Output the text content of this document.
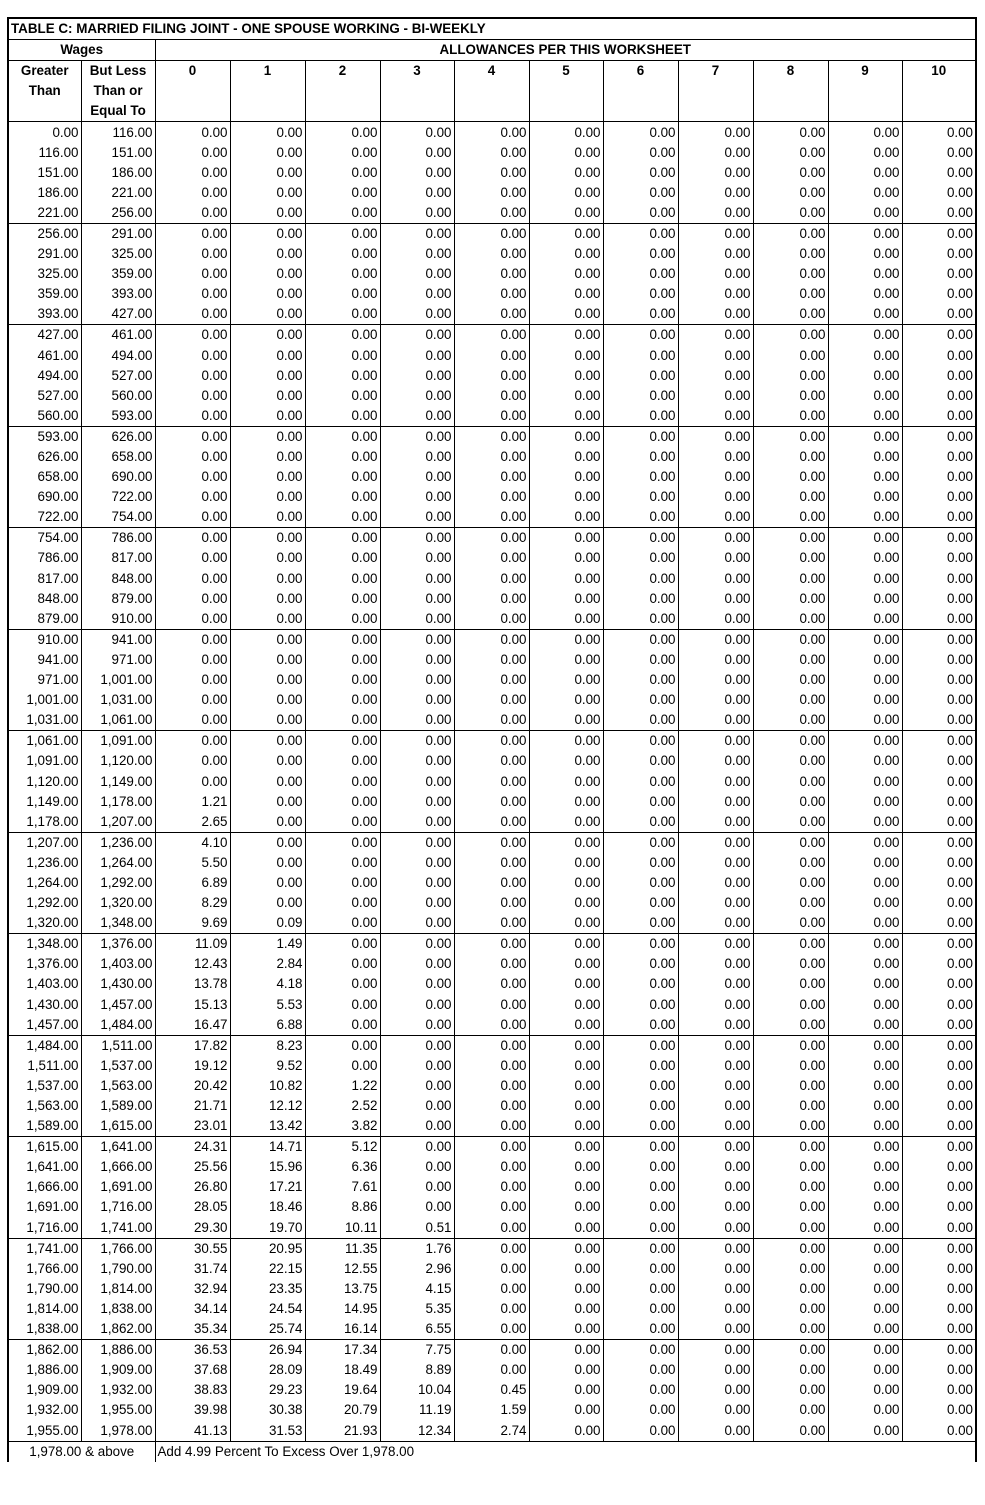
TABLE C: MARRIED FILING JOINT - ONE SPOUSE WORKING - BI-WEEKLY												
Wages		ALLOWANCES PER THIS WORKSHEET										
Greater	But Less	0	1	2	3	4	5	6	7	8	9	10
Than	Than or											
	Equal To											
0.00	116.00	0.00	0.00	0.00	0.00	0.00	0.00	0.00	0.00	0.00	0.00	0.00
116.00	151.00	0.00	0.00	0.00	0.00	0.00	0.00	0.00	0.00	0.00	0.00	0.00
151.00	186.00	0.00	0.00	0.00	0.00	0.00	0.00	0.00	0.00	0.00	0.00	0.00
186.00	221.00	0.00	0.00	0.00	0.00	0.00	0.00	0.00	0.00	0.00	0.00	0.00
221.00	256.00	0.00	0.00	0.00	0.00	0.00	0.00	0.00	0.00	0.00	0.00	0.00
256.00	291.00	0.00	0.00	0.00	0.00	0.00	0.00	0.00	0.00	0.00	0.00	0.00
291.00	325.00	0.00	0.00	0.00	0.00	0.00	0.00	0.00	0.00	0.00	0.00	0.00
325.00	359.00	0.00	0.00	0.00	0.00	0.00	0.00	0.00	0.00	0.00	0.00	0.00
359.00	393.00	0.00	0.00	0.00	0.00	0.00	0.00	0.00	0.00	0.00	0.00	0.00
393.00	427.00	0.00	0.00	0.00	0.00	0.00	0.00	0.00	0.00	0.00	0.00	0.00
427.00	461.00	0.00	0.00	0.00	0.00	0.00	0.00	0.00	0.00	0.00	0.00	0.00
461.00	494.00	0.00	0.00	0.00	0.00	0.00	0.00	0.00	0.00	0.00	0.00	0.00
494.00	527.00	0.00	0.00	0.00	0.00	0.00	0.00	0.00	0.00	0.00	0.00	0.00
527.00	560.00	0.00	0.00	0.00	0.00	0.00	0.00	0.00	0.00	0.00	0.00	0.00
560.00	593.00	0.00	0.00	0.00	0.00	0.00	0.00	0.00	0.00	0.00	0.00	0.00
593.00	626.00	0.00	0.00	0.00	0.00	0.00	0.00	0.00	0.00	0.00	0.00	0.00
626.00	658.00	0.00	0.00	0.00	0.00	0.00	0.00	0.00	0.00	0.00	0.00	0.00
658.00	690.00	0.00	0.00	0.00	0.00	0.00	0.00	0.00	0.00	0.00	0.00	0.00
690.00	722.00	0.00	0.00	0.00	0.00	0.00	0.00	0.00	0.00	0.00	0.00	0.00
722.00	754.00	0.00	0.00	0.00	0.00	0.00	0.00	0.00	0.00	0.00	0.00	0.00
754.00	786.00	0.00	0.00	0.00	0.00	0.00	0.00	0.00	0.00	0.00	0.00	0.00
786.00	817.00	0.00	0.00	0.00	0.00	0.00	0.00	0.00	0.00	0.00	0.00	0.00
817.00	848.00	0.00	0.00	0.00	0.00	0.00	0.00	0.00	0.00	0.00	0.00	0.00
848.00	879.00	0.00	0.00	0.00	0.00	0.00	0.00	0.00	0.00	0.00	0.00	0.00
879.00	910.00	0.00	0.00	0.00	0.00	0.00	0.00	0.00	0.00	0.00	0.00	0.00
910.00	941.00	0.00	0.00	0.00	0.00	0.00	0.00	0.00	0.00	0.00	0.00	0.00
941.00	971.00	0.00	0.00	0.00	0.00	0.00	0.00	0.00	0.00	0.00	0.00	0.00
971.00	1,001.00	0.00	0.00	0.00	0.00	0.00	0.00	0.00	0.00	0.00	0.00	0.00
1,001.00	1,031.00	0.00	0.00	0.00	0.00	0.00	0.00	0.00	0.00	0.00	0.00	0.00
1,031.00	1,061.00	0.00	0.00	0.00	0.00	0.00	0.00	0.00	0.00	0.00	0.00	0.00
1,061.00	1,091.00	0.00	0.00	0.00	0.00	0.00	0.00	0.00	0.00	0.00	0.00	0.00
1,091.00	1,120.00	0.00	0.00	0.00	0.00	0.00	0.00	0.00	0.00	0.00	0.00	0.00
1,120.00	1,149.00	0.00	0.00	0.00	0.00	0.00	0.00	0.00	0.00	0.00	0.00	0.00
1,149.00	1,178.00	1.21	0.00	0.00	0.00	0.00	0.00	0.00	0.00	0.00	0.00	0.00
1,178.00	1,207.00	2.65	0.00	0.00	0.00	0.00	0.00	0.00	0.00	0.00	0.00	0.00
1,207.00	1,236.00	4.10	0.00	0.00	0.00	0.00	0.00	0.00	0.00	0.00	0.00	0.00
1,236.00	1,264.00	5.50	0.00	0.00	0.00	0.00	0.00	0.00	0.00	0.00	0.00	0.00
1,264.00	1,292.00	6.89	0.00	0.00	0.00	0.00	0.00	0.00	0.00	0.00	0.00	0.00
1,292.00	1,320.00	8.29	0.00	0.00	0.00	0.00	0.00	0.00	0.00	0.00	0.00	0.00
1,320.00	1,348.00	9.69	0.09	0.00	0.00	0.00	0.00	0.00	0.00	0.00	0.00	0.00
1,348.00	1,376.00	11.09	1.49	0.00	0.00	0.00	0.00	0.00	0.00	0.00	0.00	0.00
1,376.00	1,403.00	12.43	2.84	0.00	0.00	0.00	0.00	0.00	0.00	0.00	0.00	0.00
1,403.00	1,430.00	13.78	4.18	0.00	0.00	0.00	0.00	0.00	0.00	0.00	0.00	0.00
1,430.00	1,457.00	15.13	5.53	0.00	0.00	0.00	0.00	0.00	0.00	0.00	0.00	0.00
1,457.00	1,484.00	16.47	6.88	0.00	0.00	0.00	0.00	0.00	0.00	0.00	0.00	0.00
1,484.00	1,511.00	17.82	8.23	0.00	0.00	0.00	0.00	0.00	0.00	0.00	0.00	0.00
1,511.00	1,537.00	19.12	9.52	0.00	0.00	0.00	0.00	0.00	0.00	0.00	0.00	0.00
1,537.00	1,563.00	20.42	10.82	1.22	0.00	0.00	0.00	0.00	0.00	0.00	0.00	0.00
1,563.00	1,589.00	21.71	12.12	2.52	0.00	0.00	0.00	0.00	0.00	0.00	0.00	0.00
1,589.00	1,615.00	23.01	13.42	3.82	0.00	0.00	0.00	0.00	0.00	0.00	0.00	0.00
1,615.00	1,641.00	24.31	14.71	5.12	0.00	0.00	0.00	0.00	0.00	0.00	0.00	0.00
1,641.00	1,666.00	25.56	15.96	6.36	0.00	0.00	0.00	0.00	0.00	0.00	0.00	0.00
1,666.00	1,691.00	26.80	17.21	7.61	0.00	0.00	0.00	0.00	0.00	0.00	0.00	0.00
1,691.00	1,716.00	28.05	18.46	8.86	0.00	0.00	0.00	0.00	0.00	0.00	0.00	0.00
1,716.00	1,741.00	29.30	19.70	10.11	0.51	0.00	0.00	0.00	0.00	0.00	0.00	0.00
1,741.00	1,766.00	30.55	20.95	11.35	1.76	0.00	0.00	0.00	0.00	0.00	0.00	0.00
1,766.00	1,790.00	31.74	22.15	12.55	2.96	0.00	0.00	0.00	0.00	0.00	0.00	0.00
1,790.00	1,814.00	32.94	23.35	13.75	4.15	0.00	0.00	0.00	0.00	0.00	0.00	0.00
1,814.00	1,838.00	34.14	24.54	14.95	5.35	0.00	0.00	0.00	0.00	0.00	0.00	0.00
1,838.00	1,862.00	35.34	25.74	16.14	6.55	0.00	0.00	0.00	0.00	0.00	0.00	0.00
1,862.00	1,886.00	36.53	26.94	17.34	7.75	0.00	0.00	0.00	0.00	0.00	0.00	0.00
1,886.00	1,909.00	37.68	28.09	18.49	8.89	0.00	0.00	0.00	0.00	0.00	0.00	0.00
1,909.00	1,932.00	38.83	29.23	19.64	10.04	0.45	0.00	0.00	0.00	0.00	0.00	0.00
1,932.00	1,955.00	39.98	30.38	20.79	11.19	1.59	0.00	0.00	0.00	0.00	0.00	0.00
1,955.00	1,978.00	41.13	31.53	21.93	12.34	2.74	0.00	0.00	0.00	0.00	0.00	0.00
1,978.00 & above		Add 4.99 Percent To Excess Over 1,978.00										
